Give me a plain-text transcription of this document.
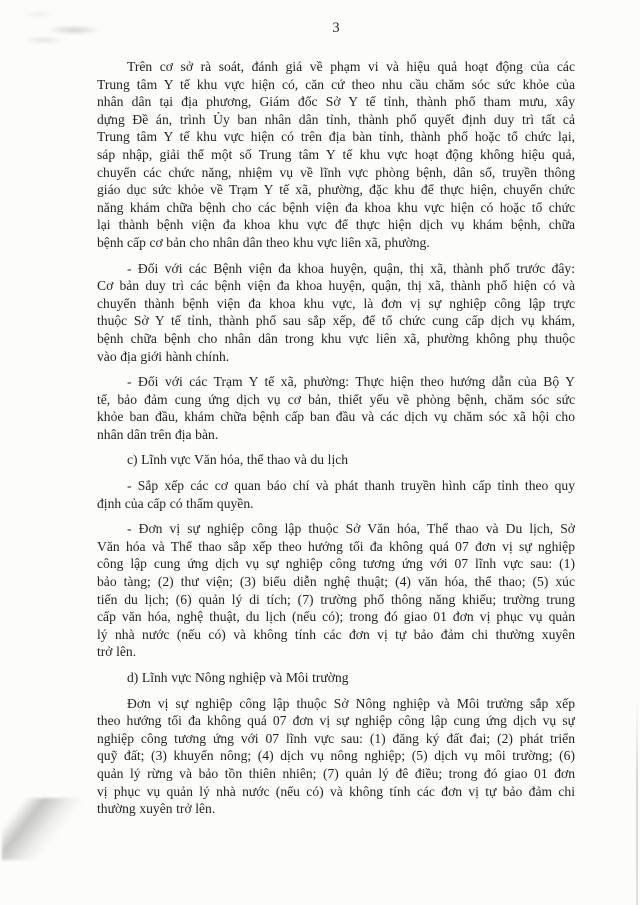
3
Trên cơ sở rà soát, đánh giá về phạm vi và hiệu quả hoạt động của các
Trung tâm Y tế khu vực hiện có, căn cứ theo nhu cầu chăm sóc sức khỏe của
nhân dân tại địa phương, Giám đốc Sở Y tế tỉnh, thành phố tham mưu, xây
dựng Đề án, trình Ủy ban nhân dân tỉnh, thành phố quyết định duy trì tất cả
Trung tâm Y tế khu vực hiện có trên địa bàn tỉnh, thành phố hoặc tổ chức lại,
sáp nhập, giải thể một số Trung tâm Y tế khu vực hoạt động không hiệu quả,
chuyển các chức năng, nhiệm vụ về lĩnh vực phòng bệnh, dân số, truyền thông
giáo dục sức khỏe về Trạm Y tế xã, phường, đặc khu để thực hiện, chuyển chức
năng khám chữa bệnh cho các bệnh viện đa khoa khu vực hiện có hoặc tổ chức
lại thành bệnh viện đa khoa khu vực để thực hiện dịch vụ khám bệnh, chữa
bệnh cấp cơ bản cho nhân dân theo khu vực liên xã, phường.
- Đối với các Bệnh viện đa khoa huyện, quận, thị xã, thành phố trước đây:
Cơ bản duy trì các bệnh viện đa khoa huyện, quận, thị xã, thành phố hiện có và
chuyển thành bệnh viện đa khoa khu vực, là đơn vị sự nghiệp công lập trực
thuộc Sở Y tế tỉnh, thành phố sau sắp xếp, để tổ chức cung cấp dịch vụ khám,
bệnh chữa bệnh cho nhân dân trong khu vực liên xã, phường không phụ thuộc
vào địa giới hành chính.
- Đối với các Trạm Y tế xã, phường: Thực hiện theo hướng dẫn của Bộ Y
tế, bảo đảm cung ứng dịch vụ cơ bản, thiết yếu về phòng bệnh, chăm sóc sức
khỏe ban đầu, khám chữa bệnh cấp ban đầu và các dịch vụ chăm sóc xã hội cho
nhân dân trên địa bàn.
c) Lĩnh vực Văn hóa, thể thao và du lịch
- Sắp xếp các cơ quan báo chí và phát thanh truyền hình cấp tỉnh theo quy
định của cấp có thẩm quyền.
- Đơn vị sự nghiệp công lập thuộc Sở Văn hóa, Thể thao và Du lịch, Sở
Văn hóa và Thể thao sắp xếp theo hướng tối đa không quá 07 đơn vị sự nghiệp
công lập cung ứng dịch vụ sự nghiệp công tương ứng với 07 lĩnh vực sau: (1)
bảo tàng; (2) thư viện; (3) biểu diễn nghệ thuật; (4) văn hóa, thể thao; (5) xúc
tiến du lịch; (6) quản lý di tích; (7) trường phổ thông năng khiếu; trường trung
cấp văn hóa, nghệ thuật, du lịch (nếu có); trong đó giao 01 đơn vị phục vụ quản
lý nhà nước (nếu có) và không tính các đơn vị tự bảo đảm chi thường xuyên
trở lên.
d) Lĩnh vực Nông nghiệp và Môi trường
Đơn vị sự nghiệp công lập thuộc Sở Nông nghiệp và Môi trường sắp xếp
theo hướng tối đa không quá 07 đơn vị sự nghiệp công lập cung ứng dịch vụ sự
nghiệp công tương ứng với 07 lĩnh vực sau: (1) đăng ký đất đai; (2) phát triển
quỹ đất; (3) khuyến nông; (4) dịch vụ nông nghiệp; (5) dịch vụ môi trường; (6)
quản lý rừng và bảo tồn thiên nhiên; (7) quản lý đê điều; trong đó giao 01 đơn
vị phục vụ quản lý nhà nước (nếu có) và không tính các đơn vị tự bảo đảm chi
thường xuyên trở lên.
